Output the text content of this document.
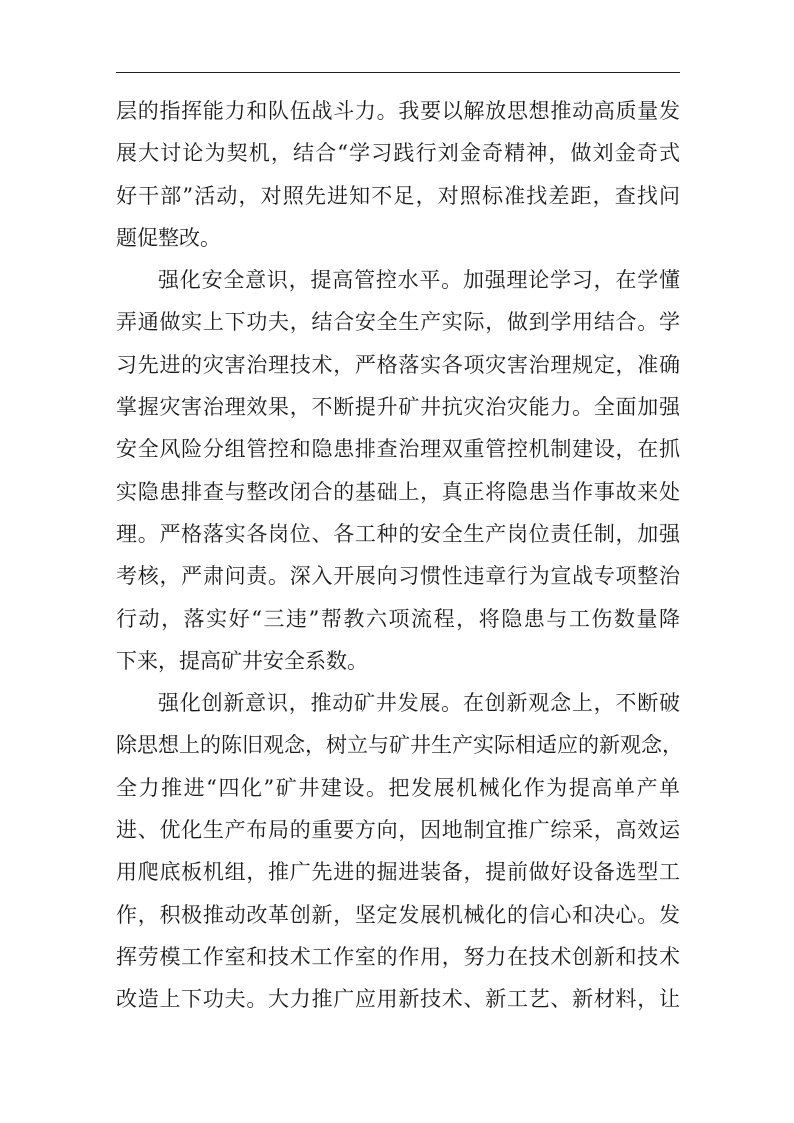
层的指挥能力和队伍战斗力。我要以解放思想推动高质量发
展大讨论为契机，结合“学习践行刘金奇精神，做刘金奇式
好干部”活动，对照先进知不足，对照标准找差距，查找问
题促整改。
强化安全意识，提高管控水平。加强理论学习，在学懂
弄通做实上下功夫，结合安全生产实际，做到学用结合。学
习先进的灾害治理技术，严格落实各项灾害治理规定，准确
掌握灾害治理效果，不断提升矿井抗灾治灾能力。全面加强
安全风险分组管控和隐患排查治理双重管控机制建设，在抓
实隐患排查与整改闭合的基础上，真正将隐患当作事故来处
理。严格落实各岗位、各工种的安全生产岗位责任制，加强
考核，严肃问责。深入开展向习惯性违章行为宣战专项整治
行动，落实好“三违”帮教六项流程，将隐患与工伤数量降
下来，提高矿井安全系数。
强化创新意识，推动矿井发展。在创新观念上，不断破
除思想上的陈旧观念，树立与矿井生产实际相适应的新观念，
全力推进“四化”矿井建设。把发展机械化作为提高单产单
进、优化生产布局的重要方向，因地制宜推广综采，高效运
用爬底板机组，推广先进的掘进装备，提前做好设备选型工
作，积极推动改革创新，坚定发展机械化的信心和决心。发
挥劳模工作室和技术工作室的作用，努力在技术创新和技术
改造上下功夫。大力推广应用新技术、新工艺、新材料，让
